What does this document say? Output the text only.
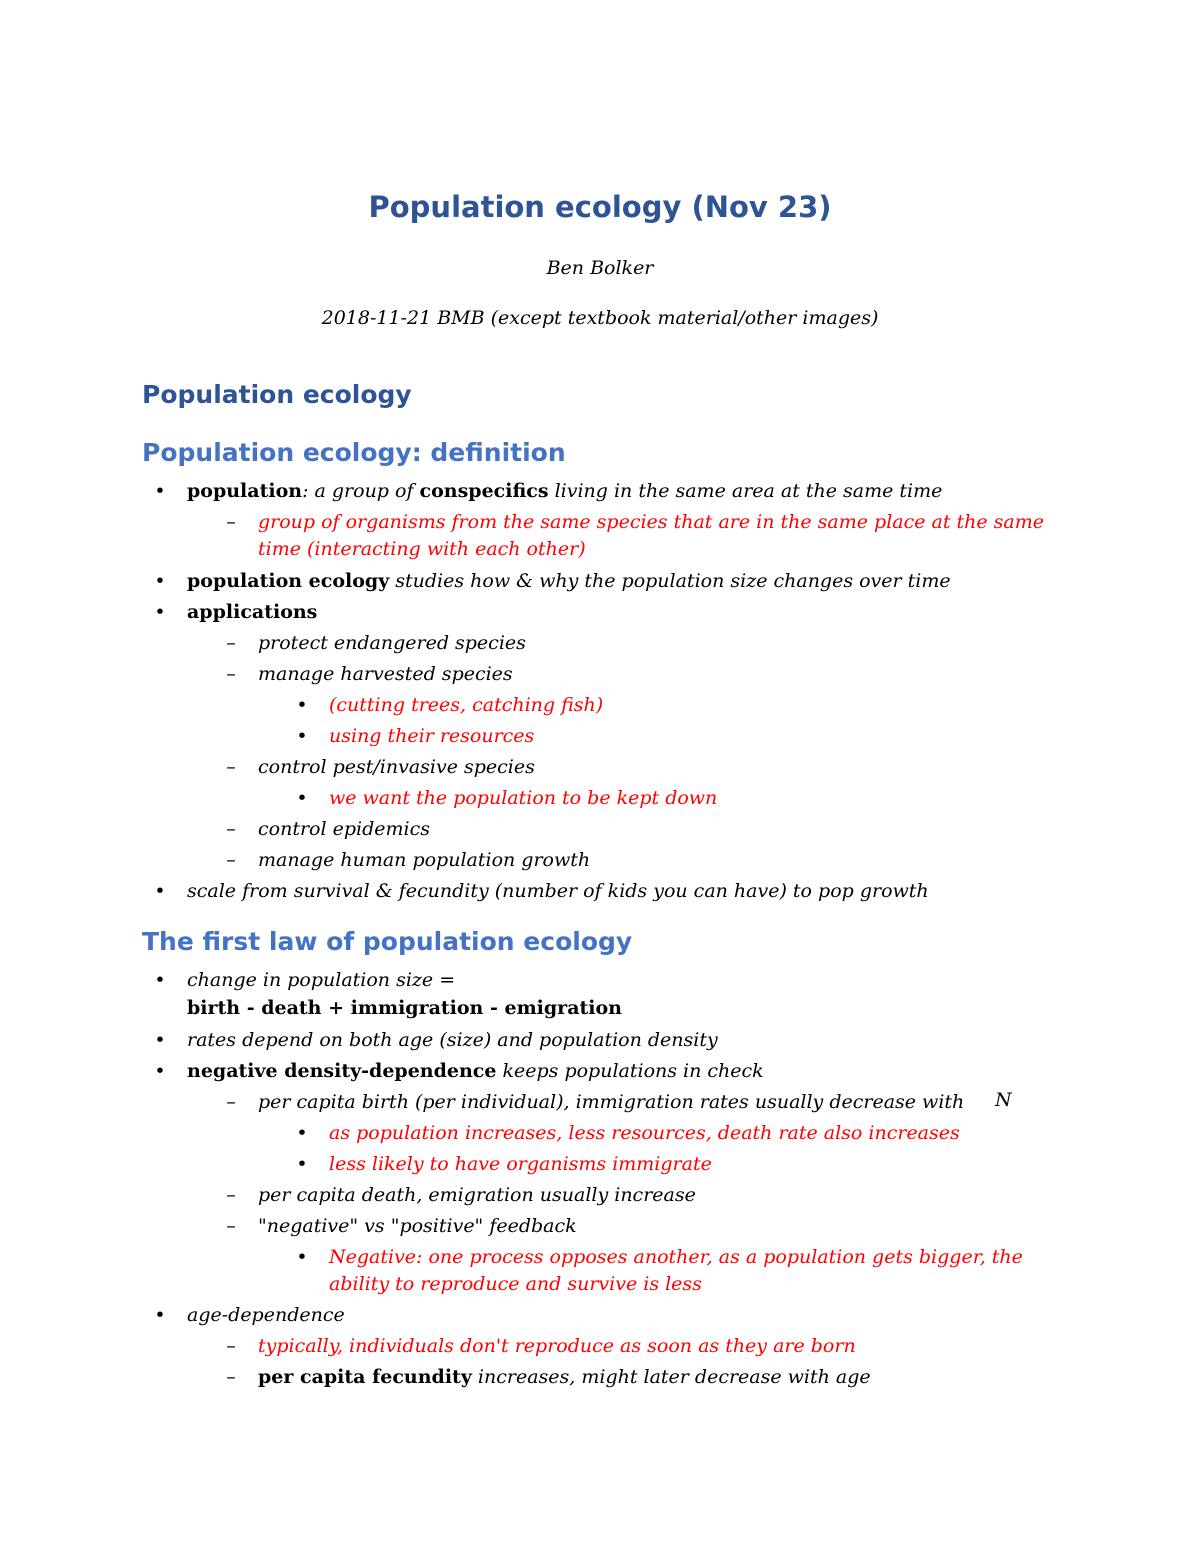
Population ecology (Nov 23)

Ben Bolker

2018-11-21 BMB (except textbook material/other images)

Population ecology
Population ecology: definition
•	population: a group of conspecifics living in the same area at the same time
–	group of organisms from the same species that are in the same place at the same time (interacting with each other)
•	population ecology studies how & why the population size changes over time
•	applications
–	protect endangered species
–	manage harvested species
•	(cutting trees, catching fish)
•	using their resources
–	control pest/invasive species
•	we want the population to be kept down
–	control epidemics
–	manage human population growth
•	scale from survival & fecundity (number of kids you can have) to pop growth
The first law of population ecology
•	change in population size =
birth - death + immigration - emigration
•	rates depend on both age (size) and population density
•	negative density-dependence keeps populations in check
–	per capita birth (per individual), immigration rates usually decrease with
•	as population increases, less resources, death rate also increases
•	less likely to have organisms immigrate
–	per capita death, emigration usually increase
–	"negative" vs "positive" feedback
•	Negative: one process opposes another, as a population gets bigger, the ability to reproduce and survive is less
•	age-dependence
–	typically, individuals don't reproduce as soon as they are born
–	per capita fecundity increases, might later decrease with age
N
